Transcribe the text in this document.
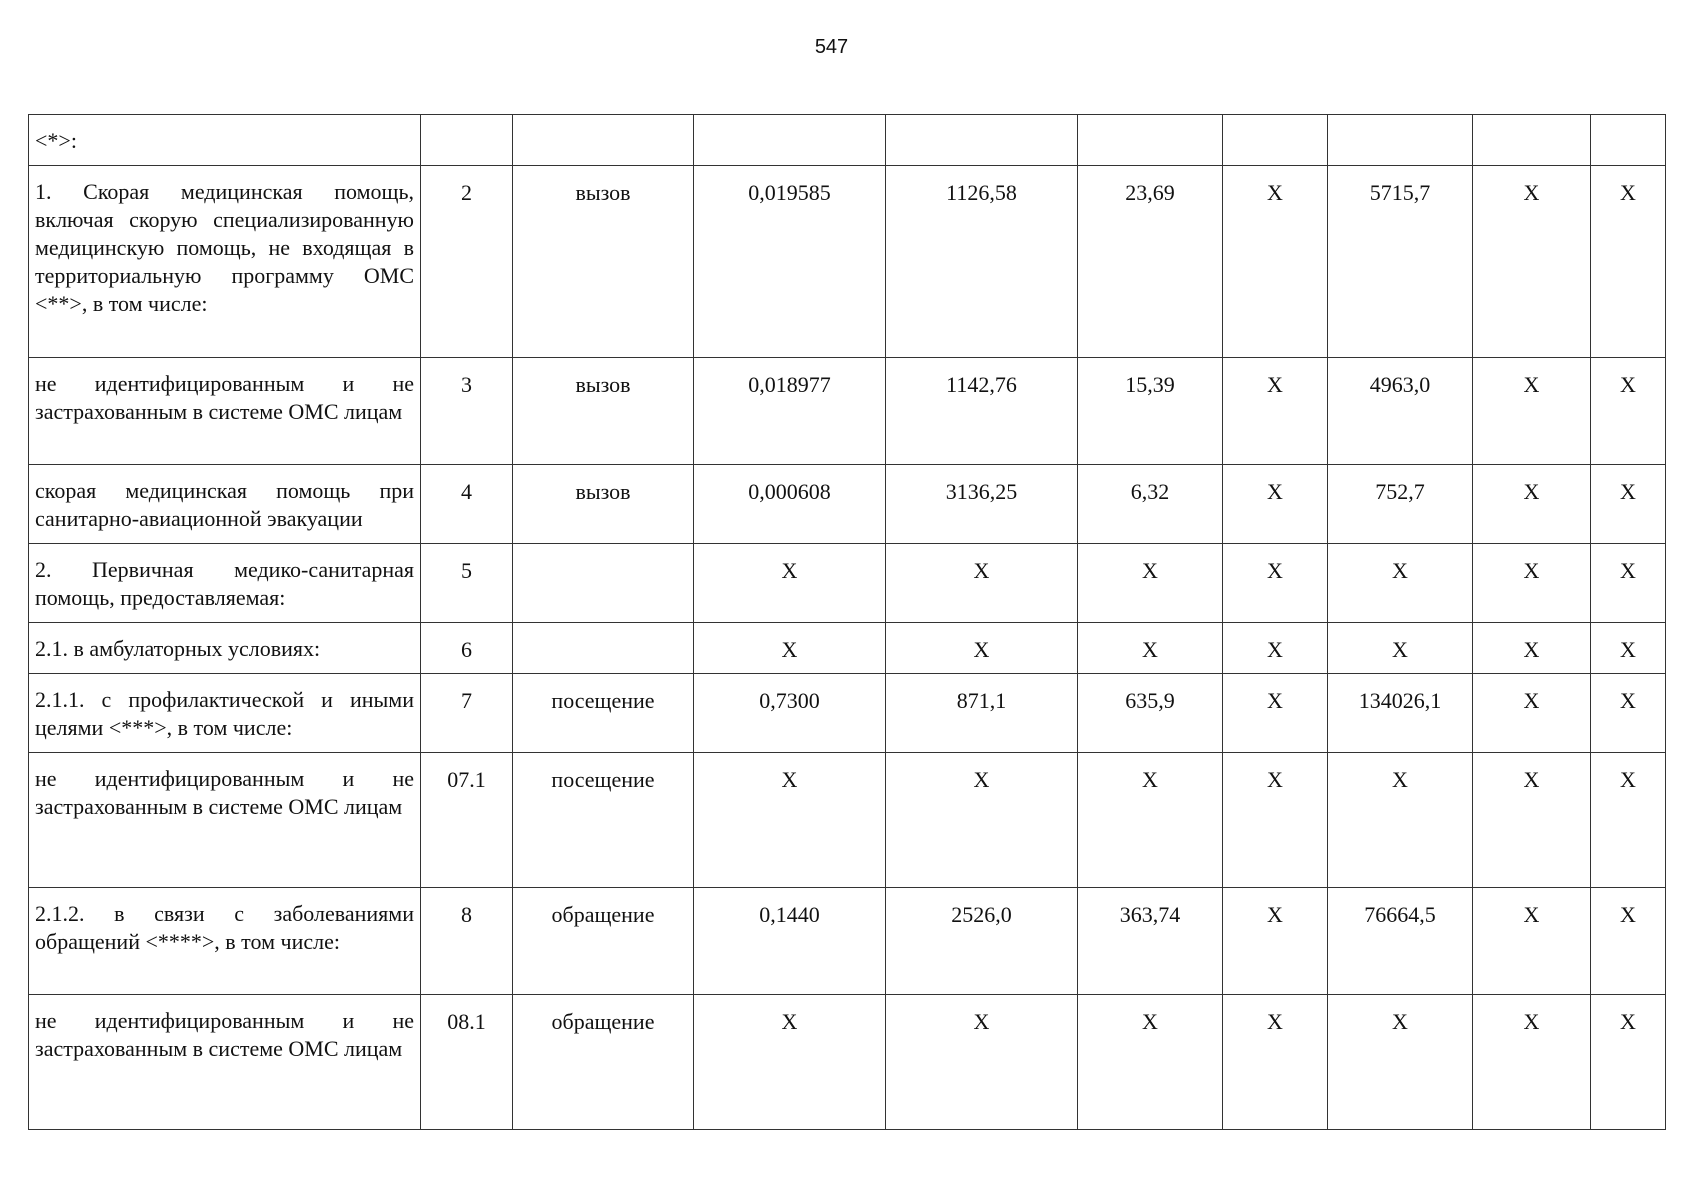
547
<*>:										
1. Скорая медицинская помощь, включая скорую специализированную медицинскую помощь, не входящая в территориальную программу ОМС <**>, в том числе:	2	вызов	0,019585	1126,58	23,69	X	5715,7	X	X	
не идентифицированным и не застрахованным в системе ОМС лицам	3	вызов	0,018977	1142,76	15,39	X	4963,0	X	X	
скорая медицинская помощь при санитарно-авиационной эвакуации	4	вызов	0,000608	3136,25	6,32	X	752,7	X	X	
2. Первичная медико-санитарная помощь, предоставляемая:	5		X	X	X	X	X	X	X	
2.1. в амбулаторных условиях:	6		X	X	X	X	X	X	X	
2.1.1. с профилактической и иными целями <***>, в том числе:	7	посещение	0,7300	871,1	635,9	X	134026,1	X	X	
не идентифицированным и не застрахованным в системе ОМС лицам	07.1	посещение	X	X	X	X	X	X	X	
2.1.2. в связи с заболеваниями обращений <****>, в том числе:	8	обращение	0,1440	2526,0	363,74	X	76664,5	X	X	
не идентифицированным и не застрахованным в системе ОМС лицам	08.1	обращение	X	X	X	X	X	X	X	
